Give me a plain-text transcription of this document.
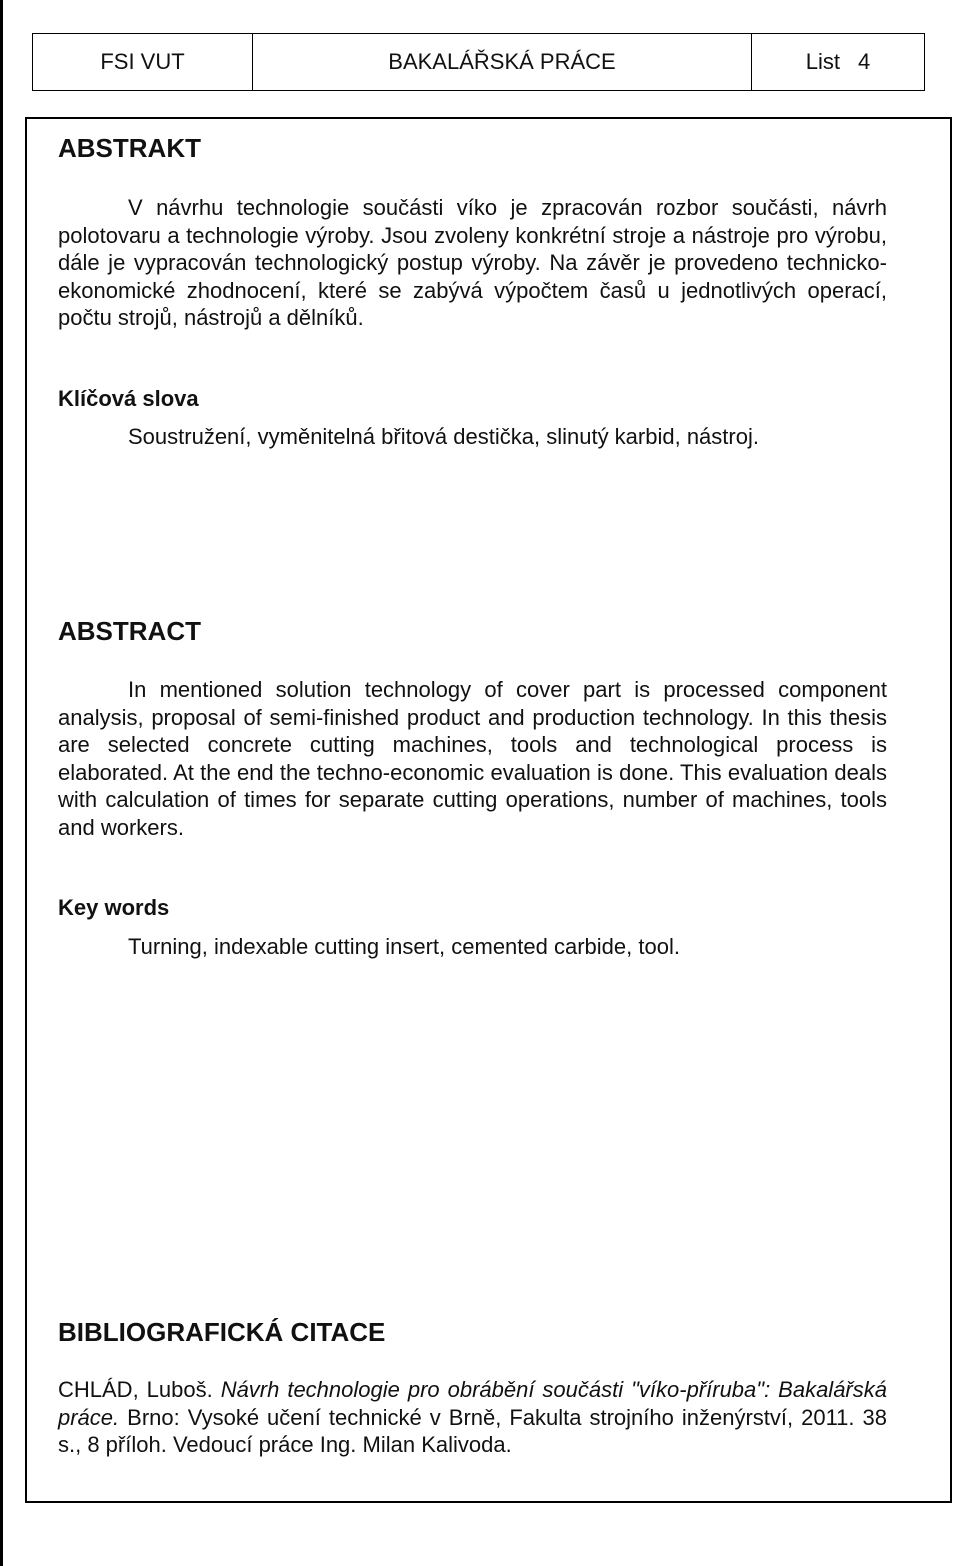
FSI VUT	BAKALÁŘSKÁ PRÁCE	List 4
ABSTRAKT

V návrhu technologie součásti víko je zpracován rozbor součásti, návrh polotovaru a technologie výroby. Jsou zvoleny konkrétní stroje a nástroje pro výrobu, dále je vypracován technologický postup výroby. Na závěr je provedeno technicko-ekonomické zhodnocení, které se zabývá výpočtem časů u jednotlivých operací, počtu strojů, nástrojů a dělníků.

Klíčová slova

Soustružení, vyměnitelná břitová destička, slinutý karbid, nástroj.

ABSTRACT

In mentioned solution technology of cover part is processed component analysis, proposal of semi-finished product and production technology. In this thesis are selected concrete cutting machines, tools and technological process is elaborated. At the end the techno-economic evaluation is done. This evaluation deals with calculation of times for separate cutting operations, number of machines, tools and workers.

Key words

Turning, indexable cutting insert, cemented carbide, tool.

BIBLIOGRAFICKÁ CITACE

CHLÁD, Luboš. Návrh technologie pro obrábění součásti "víko-příruba": Bakalářská práce. Brno: Vysoké učení technické v Brně, Fakulta strojního inženýrství, 2011. 38 s., 8 příloh. Vedoucí práce Ing. Milan Kalivoda.
